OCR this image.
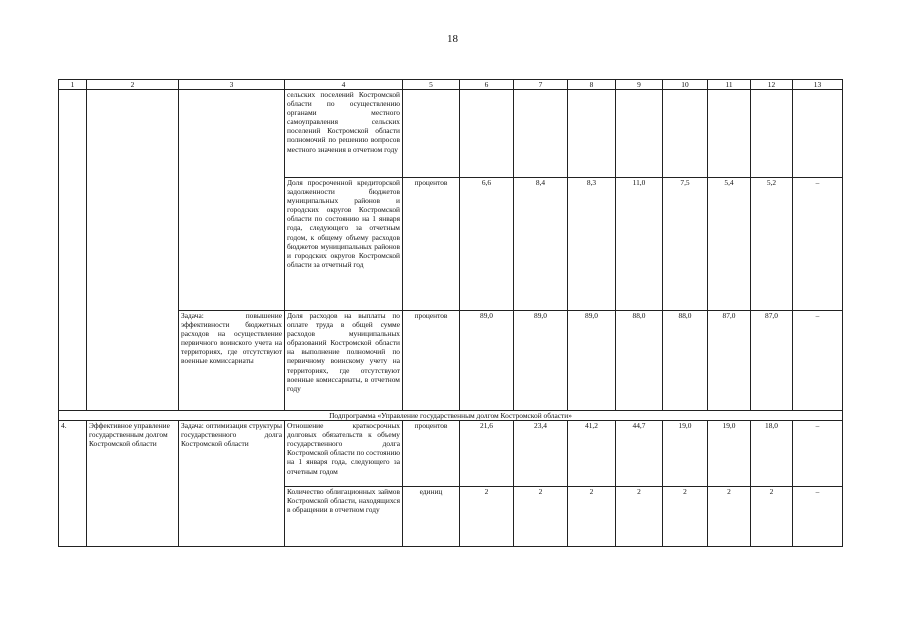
18
1	2	3	4	5	6	7	8	9	10	11	12	13
			сельских поселений Костромской области по осуществлению органами местного самоуправления сельских поселений Костромской области полномочий по решению вопросов местного значения в отчетном году									
			Доля просроченной кредиторской задолженности бюджетов муниципальных районов и городских округов Костромской области по состоянию на 1 января года, следующего за отчетным годом, к общему объему расходов бюджетов муниципальных районов и городских округов Костромской области за отчетный год	процентов	6,6	8,4	8,3	11,0	7,5	5,4	5,2	–
		Задача: повышение эффективности бюджетных расходов на осуществление первичного воинского учета на территориях, где отсутствуют военные комиссариаты	Доля расходов на выплаты по оплате труда в общей сумме расходов муниципальных образований Костромской области на выполнение полномочий по первичному воинскому учету на территориях, где отсутствуют военные комиссариаты, в отчетном году	процентов	89,0	89,0	89,0	88,0	88,0	87,0	87,0	–
Подпрограмма «Управление государственным долгом Костромской области»												
4.	Эффективное управление государственным долгом Костромской области	Задача: оптимизация структуры государственного долга Костромской области	Отношение краткосрочных долговых обязательств к объему государственного долга Костромской области по состоянию на 1 января года, следующего за отчетным годом	процентов	21,6	23,4	41,2	44,7	19,0	19,0	18,0	–
			Количество облигационных займов Костромской области, находящихся в обращении в отчетном году	единиц	2	2	2	2	2	2	2	–
